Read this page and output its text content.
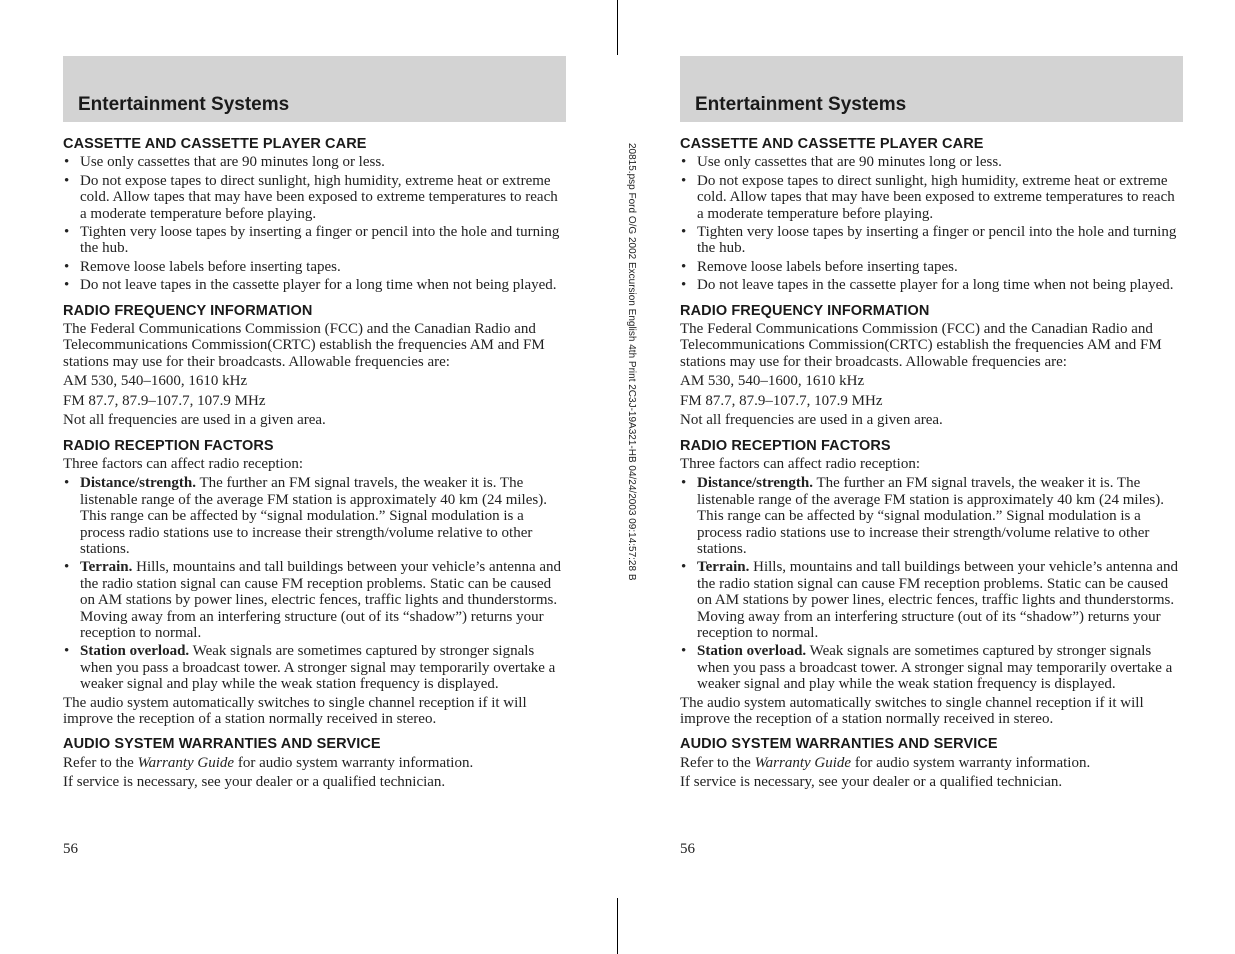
20815.psp Ford O/G 2002 Excursion English 4th Print 2C3J-19A321-HB 04/24/2003 09:14:57:28 B
Entertainment Systems
CASSETTE AND CASSETTE PLAYER CARE
• Use only cassettes that are 90 minutes long or less.
• Do not expose tapes to direct sunlight, high humidity, extreme heat or extreme cold. Allow tapes that may have been exposed to extreme temperatures to reach a moderate temperature before playing.
• Tighten very loose tapes by inserting a finger or pencil into the hole and turning the hub.
• Remove loose labels before inserting tapes.
• Do not leave tapes in the cassette player for a long time when not being played.
RADIO FREQUENCY INFORMATION

The Federal Communications Commission (FCC) and the Canadian Radio and Telecommunications Commission(CRTC) establish the frequencies AM and FM stations may use for their broadcasts. Allowable frequencies are:

AM 530, 540–1600, 1610 kHz

FM 87.7, 87.9–107.7, 107.9 MHz

Not all frequencies are used in a given area.

RADIO RECEPTION FACTORS

Three factors can affect radio reception:

• Distance/strength. The further an FM signal travels, the weaker it is. The listenable range of the average FM station is approximately 40 km (24 miles). This range can be affected by “signal modulation.” Signal modulation is a process radio stations use to increase their strength/volume relative to other stations.
• Terrain. Hills, mountains and tall buildings between your vehicle’s antenna and the radio station signal can cause FM reception problems. Static can be caused on AM stations by power lines, electric fences, traffic lights and thunderstorms. Moving away from an interfering structure (out of its “shadow”) returns your reception to normal.
• Station overload. Weak signals are sometimes captured by stronger signals when you pass a broadcast tower. A stronger signal may temporarily overtake a weaker signal and play while the weak station frequency is displayed.

The audio system automatically switches to single channel reception if it will improve the reception of a station normally received in stereo.

AUDIO SYSTEM WARRANTIES AND SERVICE

Refer to the Warranty Guide for audio system warranty information.

If service is necessary, see your dealer or a qualified technician.

56
Entertainment Systems
CASSETTE AND CASSETTE PLAYER CARE
• Use only cassettes that are 90 minutes long or less.
• Do not expose tapes to direct sunlight, high humidity, extreme heat or extreme cold. Allow tapes that may have been exposed to extreme temperatures to reach a moderate temperature before playing.
• Tighten very loose tapes by inserting a finger or pencil into the hole and turning the hub.
• Remove loose labels before inserting tapes.
• Do not leave tapes in the cassette player for a long time when not being played.
RADIO FREQUENCY INFORMATION

The Federal Communications Commission (FCC) and the Canadian Radio and Telecommunications Commission(CRTC) establish the frequencies AM and FM stations may use for their broadcasts. Allowable frequencies are:

AM 530, 540–1600, 1610 kHz

FM 87.7, 87.9–107.7, 107.9 MHz

Not all frequencies are used in a given area.

RADIO RECEPTION FACTORS

Three factors can affect radio reception:

• Distance/strength. The further an FM signal travels, the weaker it is. The listenable range of the average FM station is approximately 40 km (24 miles). This range can be affected by “signal modulation.” Signal modulation is a process radio stations use to increase their strength/volume relative to other stations.
• Terrain. Hills, mountains and tall buildings between your vehicle’s antenna and the radio station signal can cause FM reception problems. Static can be caused on AM stations by power lines, electric fences, traffic lights and thunderstorms. Moving away from an interfering structure (out of its “shadow”) returns your reception to normal.
• Station overload. Weak signals are sometimes captured by stronger signals when you pass a broadcast tower. A stronger signal may temporarily overtake a weaker signal and play while the weak station frequency is displayed.

The audio system automatically switches to single channel reception if it will improve the reception of a station normally received in stereo.

AUDIO SYSTEM WARRANTIES AND SERVICE

Refer to the Warranty Guide for audio system warranty information.

If service is necessary, see your dealer or a qualified technician.

56
